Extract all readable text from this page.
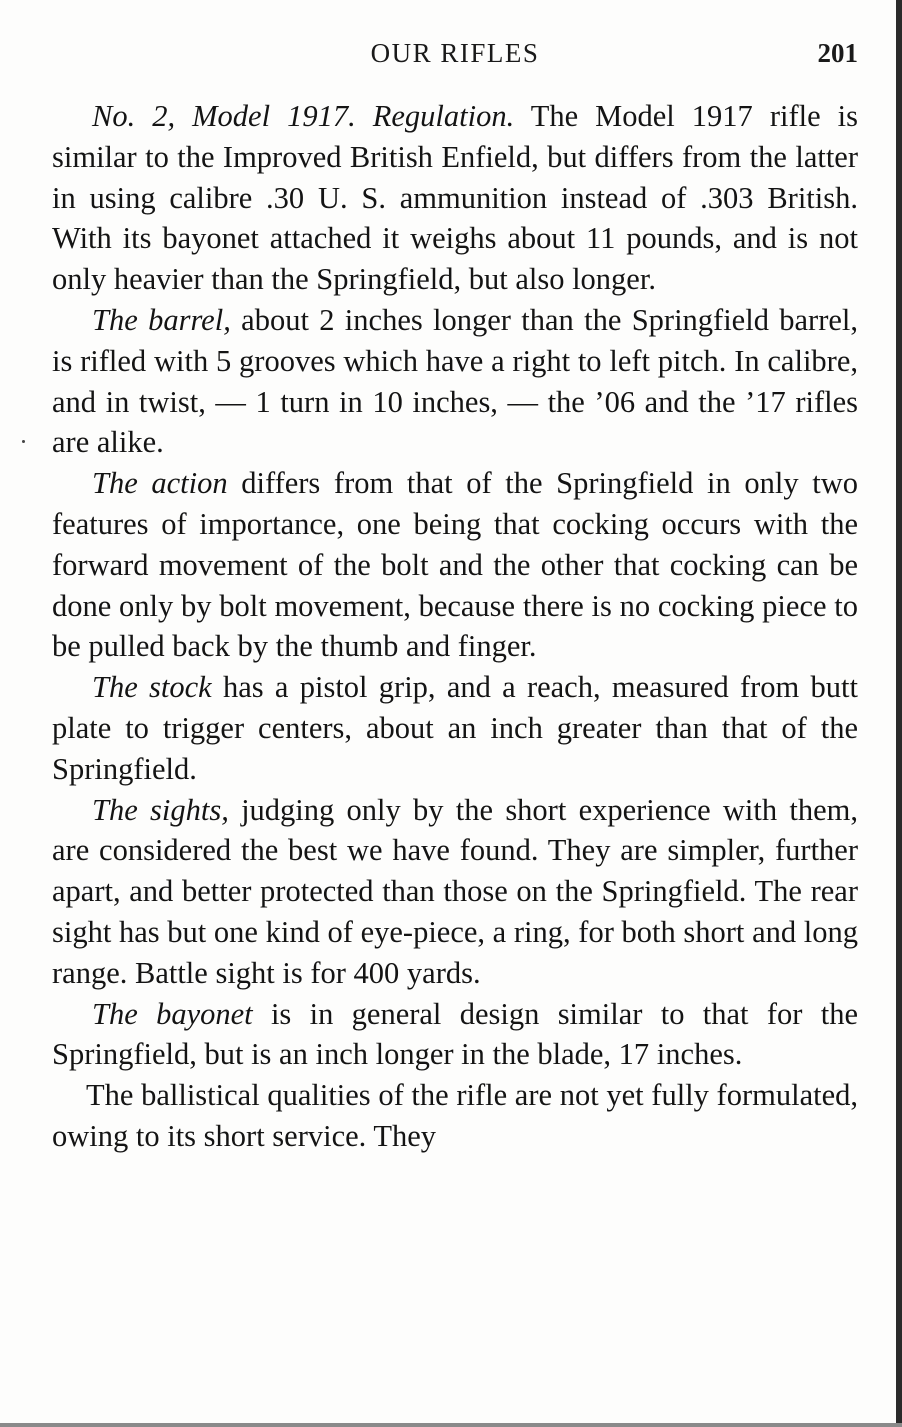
OUR RIFLES	201

No. 2, Model 1917. Regulation. The Model 1917 rifle is similar to the Improved British Enfield, but differs from the latter in using calibre .30 U. S. ammunition instead of .303 British. With its bayonet attached it weighs about 11 pounds, and is not only heavier than the Springfield, but also longer.

The barrel, about 2 inches longer than the Springfield barrel, is rifled with 5 grooves which have a right to left pitch. In calibre, and in twist, — 1 turn in 10 inches, — the ’06 and the ’17 rifles are alike.

The action differs from that of the Springfield in only two features of importance, one being that cocking occurs with the forward movement of the bolt and the other that cocking can be done only by bolt movement, because there is no cocking piece to be pulled back by the thumb and finger.

The stock has a pistol grip, and a reach, measured from butt plate to trigger centers, about an inch greater than that of the Springfield.

The sights, judging only by the short experience with them, are considered the best we have found. They are simpler, further apart, and better protected than those on the Springfield. The rear sight has but one kind of eye-piece, a ring, for both short and long range. Battle sight is for 400 yards.

The bayonet is in general design similar to that for the Springfield, but is an inch longer in the blade, 17 inches.

The ballistical qualities of the rifle are not yet fully formulated, owing to its short service. They
